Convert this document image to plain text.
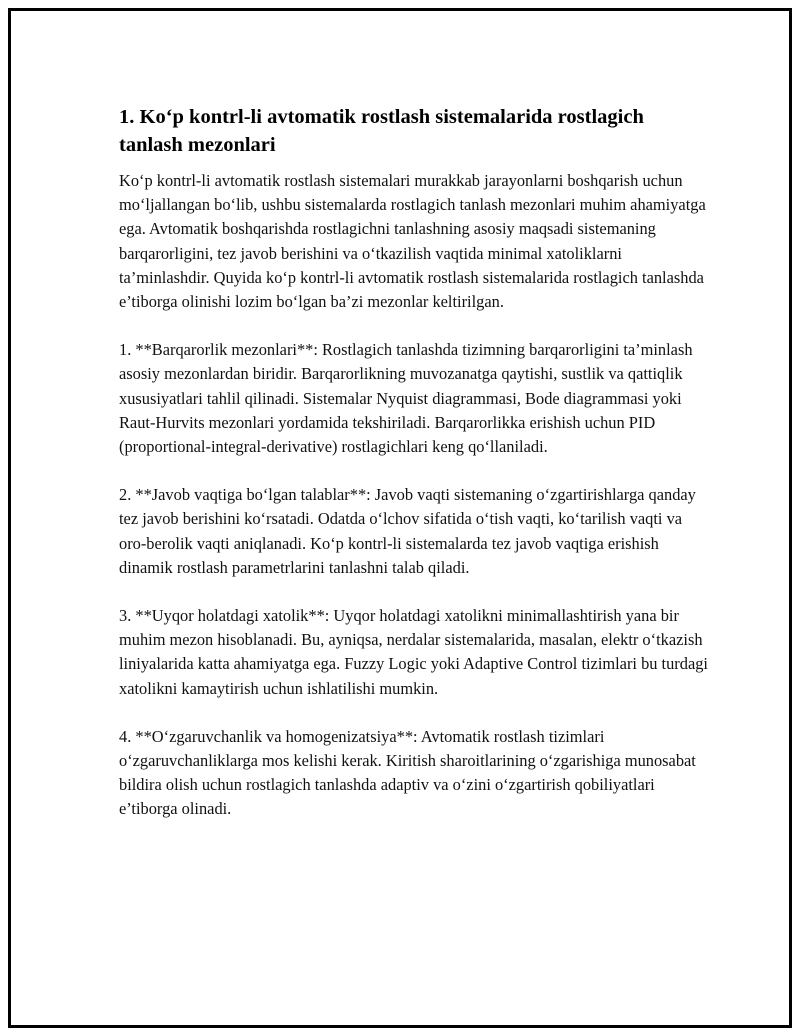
1. Ko‘p kontrl-li avtomatik rostlash sistemalarida rostlagich tanlash mezonlari

Ko‘p kontrl-li avtomatik rostlash sistemalari murakkab jarayonlarni boshqarish uchun mo‘ljallangan bo‘lib, ushbu sistemalarda rostlagich tanlash mezonlari muhim ahamiyatga ega. Avtomatik boshqarishda rostlagichni tanlashning asosiy maqsadi sistemaning barqarorligini, tez javob berishini va o‘tkazilish vaqtida minimal xatoliklarni ta’minlashdir. Quyida ko‘p kontrl-li avtomatik rostlash sistemalarida rostlagich tanlashda e’tiborga olinishi lozim bo‘lgan ba’zi mezonlar keltirilgan.

1. **Barqarorlik mezonlari**: Rostlagich tanlashda tizimning barqarorligini ta’minlash asosiy mezonlardan biridir. Barqarorlikning muvozanatga qaytishi, sustlik va qattiqlik xususiyatlari tahlil qilinadi. Sistemalar Nyquist diagrammasi, Bode diagrammasi yoki Raut-Hurvits mezonlari yordamida tekshiriladi. Barqarorlikka erishish uchun PID (proportional-integral-derivative) rostlagichlari keng qo‘llaniladi.

2. **Javob vaqtiga bo‘lgan talablar**: Javob vaqti sistemaning o‘zgartirishlarga qanday tez javob berishini ko‘rsatadi. Odatda o‘lchov sifatida o‘tish vaqti, ko‘tarilish vaqti va oro-berolik vaqti aniqlanadi. Ko‘p kontrl-li sistemalarda tez javob vaqtiga erishish dinamik rostlash parametrlarini tanlashni talab qiladi.

3. **Uyqor holatdagi xatolik**: Uyqor holatdagi xatolikni minimallashtirish yana bir muhim mezon hisoblanadi. Bu, ayniqsa, nerdalar sistemalarida, masalan, elektr o‘tkazish liniyalarida katta ahamiyatga ega. Fuzzy Logic yoki Adaptive Control tizimlari bu turdagi xatolikni kamaytirish uchun ishlatilishi mumkin.

4. **O‘zgaruvchanlik va homogenizatsiya**: Avtomatik rostlash tizimlari o‘zgaruvchanliklarga mos kelishi kerak. Kiritish sharoitlarining o‘zgarishiga munosabat bildira olish uchun rostlagich tanlashda adaptiv va o‘zini o‘zgartirish qobiliyatlari e’tiborga olinadi.
